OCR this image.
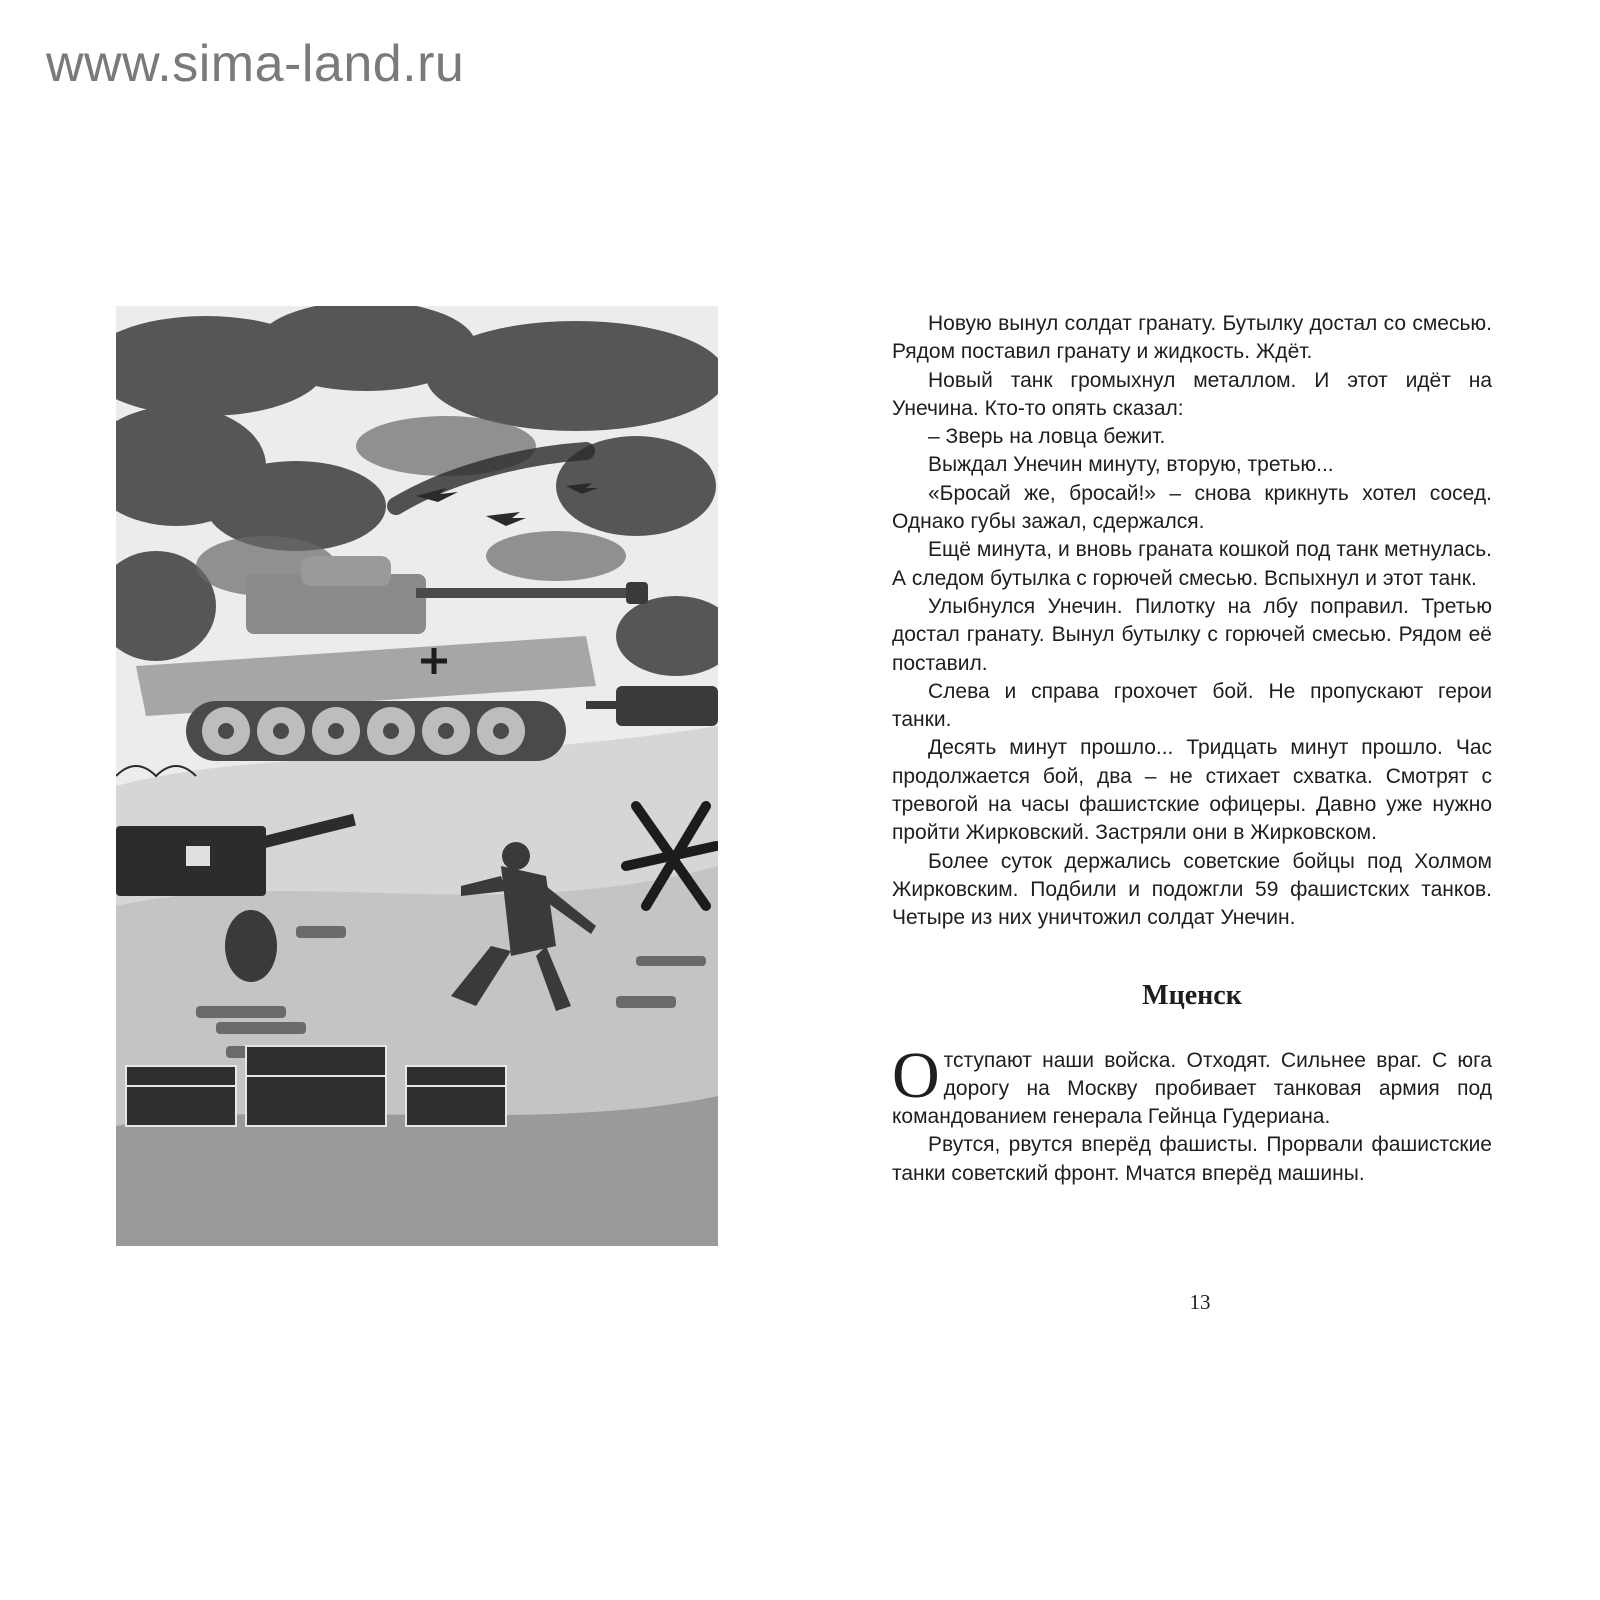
www.sima-land.ru

Новую вынул солдат гранату. Бутылку достал со смесью. Рядом поставил гранату и жидкость. Ждёт.

Новый танк громыхнул металлом. И этот идёт на Унечина. Кто-то опять сказал:

– Зверь на ловца бежит.

Выждал Унечин минуту, вторую, третью...

«Бросай же, бросай!» – снова крикнуть хотел сосед. Однако губы зажал, сдержался.

Ещё минута, и вновь граната кошкой под танк метнулась. А следом бутылка с горючей смесью. Вспыхнул и этот танк.

Улыбнулся Унечин. Пилотку на лбу поправил. Третью достал гранату. Вынул бутылку с горючей смесью. Рядом её поставил.

Слева и справа грохочет бой. Не пропускают герои танки.

Десять минут прошло... Тридцать минут прошло. Час продолжается бой, два – не стихает схватка. Смотрят с тревогой на часы фашистские офицеры. Давно уже нужно пройти Жирковский. Застряли они в Жирковском.

Более суток держались советские бойцы под Холмом Жирковским. Подбили и подожгли 59 фашистских танков. Четыре из них уничтожил солдат Унечин.

Мценск

Отступают наши войска. Отходят. Сильнее враг. С юга дорогу на Москву пробивает танковая армия под командованием генерала Гейнца Гудериана.

Рвутся, рвутся вперёд фашисты. Прорвали фашистские танки советский фронт. Мчатся вперёд машины.

13
